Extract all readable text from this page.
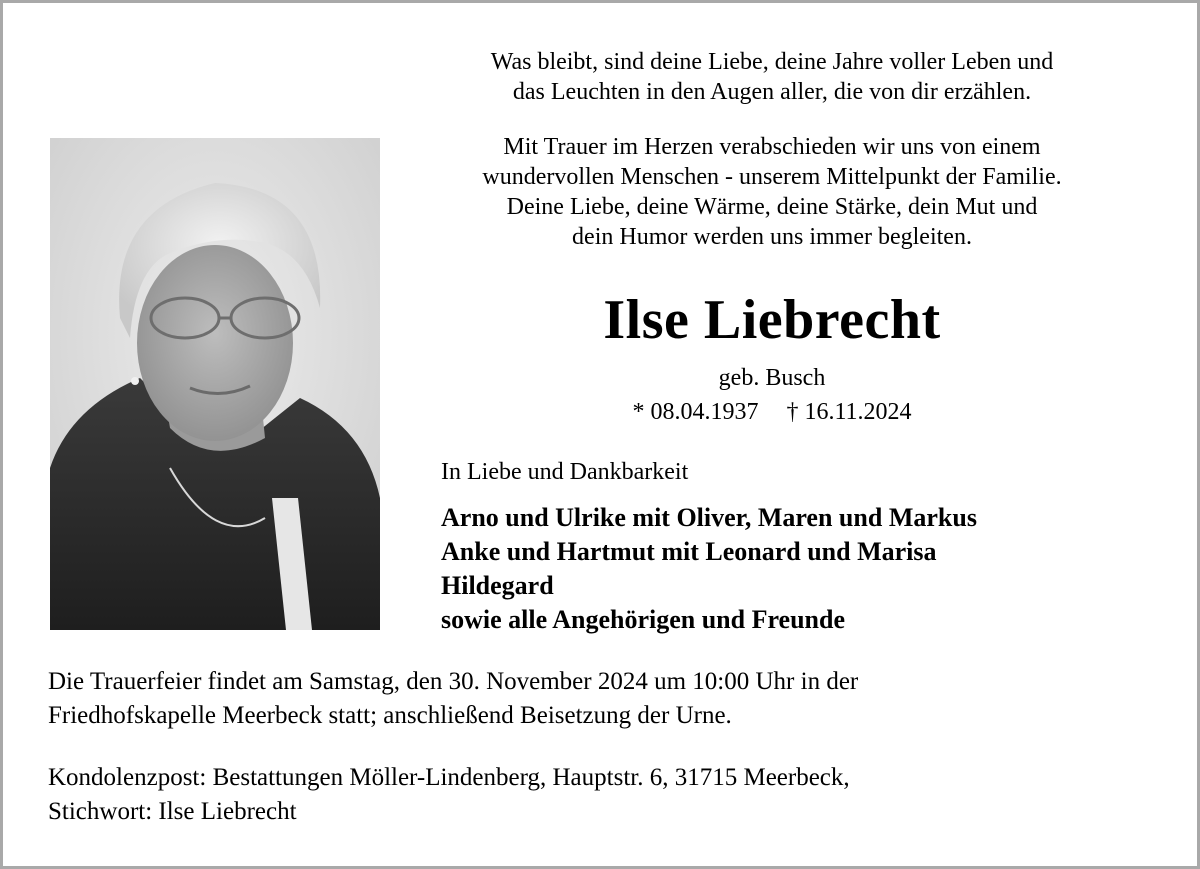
Was bleibt, sind deine Liebe, deine Jahre voller Leben und

das Leuchten in den Augen aller, die von dir erzählen.

Mit Trauer im Herzen verabschieden wir uns von einem

wundervollen Menschen - unserem Mittelpunkt der Familie.

Deine Liebe, deine Wärme, deine Stärke, dein Mut und

dein Humor werden uns immer begleiten.

Ilse Liebrecht
geb. Busch
* 08.04.1937 † 16.11.2024
In Liebe und Dankbarkeit
Arno und Ulrike mit Oliver, Maren und Markus
Anke und Hartmut mit Leonard und Marisa
Hildegard
sowie alle Angehörigen und Freunde
Die Trauerfeier findet am Samstag, den 30. November 2024 um 10:00 Uhr in der
Friedhofskapelle Meerbeck statt; anschließend Beisetzung der Urne.
Kondolenzpost: Bestattungen Möller-Lindenberg, Hauptstr. 6, 31715 Meerbeck,
Stichwort: Ilse Liebrecht
